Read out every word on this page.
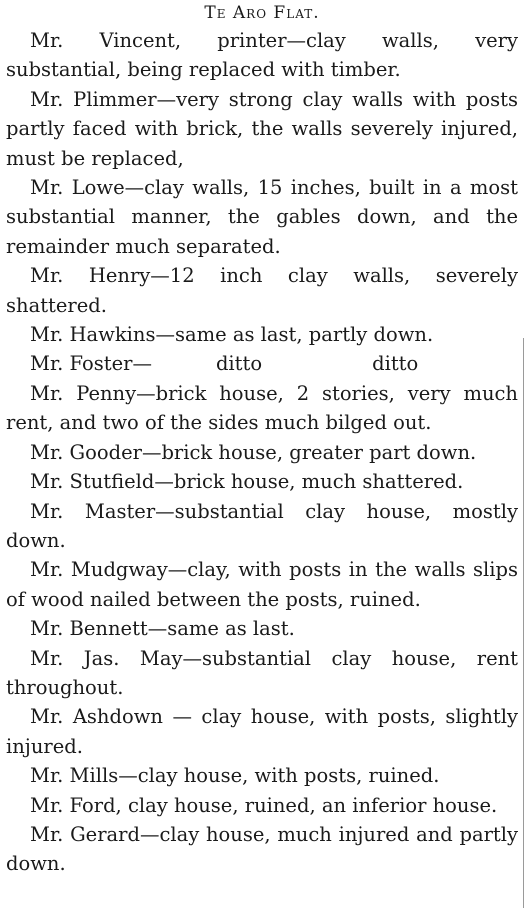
Te Aro Flat.

Mr. Vincent, printer—clay walls, very substantial, being replaced with timber.

Mr. Plimmer—very strong clay walls with posts partly faced with brick, the walls severely injured, must be replaced,

Mr. Lowe—clay walls, 15 inches, built in a most substantial manner, the gables down, and the remainder much separated.

Mr. Henry—12 inch clay walls, severely shattered.

Mr. Hawkins—same as last, partly down.

Mr. Foster—	ditto	ditto

Mr. Penny—brick house, 2 stories, very much rent, and two of the sides much bilged out.

Mr. Gooder—brick house, greater part down.

Mr. Stutfield—brick house, much shattered.

Mr. Master—substantial clay house, mostly down.

Mr. Mudgway—clay, with posts in the walls slips of wood nailed between the posts, ruined.

Mr. Bennett—same as last.

Mr. Jas. May—substantial clay house, rent throughout.

Mr. Ashdown — clay house, with posts, slightly injured.

Mr. Mills—clay house, with posts, ruined.

Mr. Ford, clay house, ruined, an inferior house.

Mr. Gerard—clay house, much injured and partly down.
